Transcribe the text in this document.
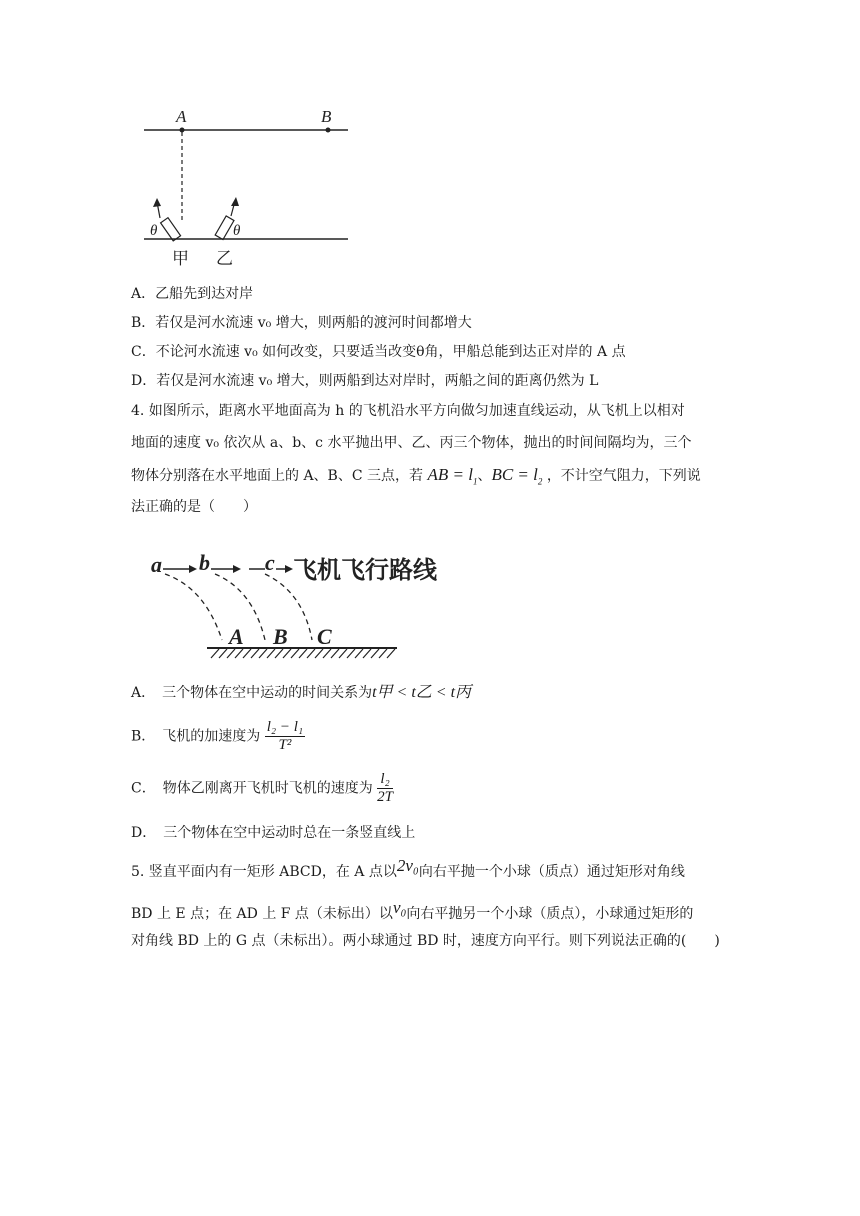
A	B
θ	θ
甲 乙
A．乙船先到达对岸
B．若仅是河水流速 v₀ 增大，则两船的渡河时间都增大
C．不论河水流速 v₀ 如何改变，只要适当改变θ角，甲船总能到达正对岸的 A 点
D．若仅是河水流速 v₀ 增大，则两船到达对岸时，两船之间的距离仍然为 L
4. 如图所示，距离水平地面高为 h 的飞机沿水平方向做匀加速直线运动，从飞机上以相对
地面的速度 v₀ 依次从 a、b、c 水平抛出甲、乙、丙三个物体，抛出的时间间隔均为，三个
物体分别落在水平地面上的 A、B、C 三点，若 AB = $l_1$、BC = $l_2$ ，不计空气阻力，下列说
法正确的是（　　）
a b	c 飞机飞行路线
A B C
A．　三个物体在空中运动的时间关系为t甲 < t乙 < t丙
B．　飞机的加速度为 $\frac{\text{l₂ − l₁}}{\text{T²}}$
C．　物体乙刚离开飞机时飞机的速度为 $\frac{\text{l₂}}{2T}$
D．　三个物体在空中运动时总在一条竖直线上
5. 竖直平面内有一矩形 ABCD，在 A 点以2v₀向右平抛一个小球（质点）通过矩形对角线
BD 上 E 点；在 AD 上 F 点（未标出）以v₀向右平抛另一个小球（质点），小球通过矩形的
对角线 BD 上的 G 点（未标出）。两小球通过 BD 时，速度方向平行。则下列说法正确的(　　)
